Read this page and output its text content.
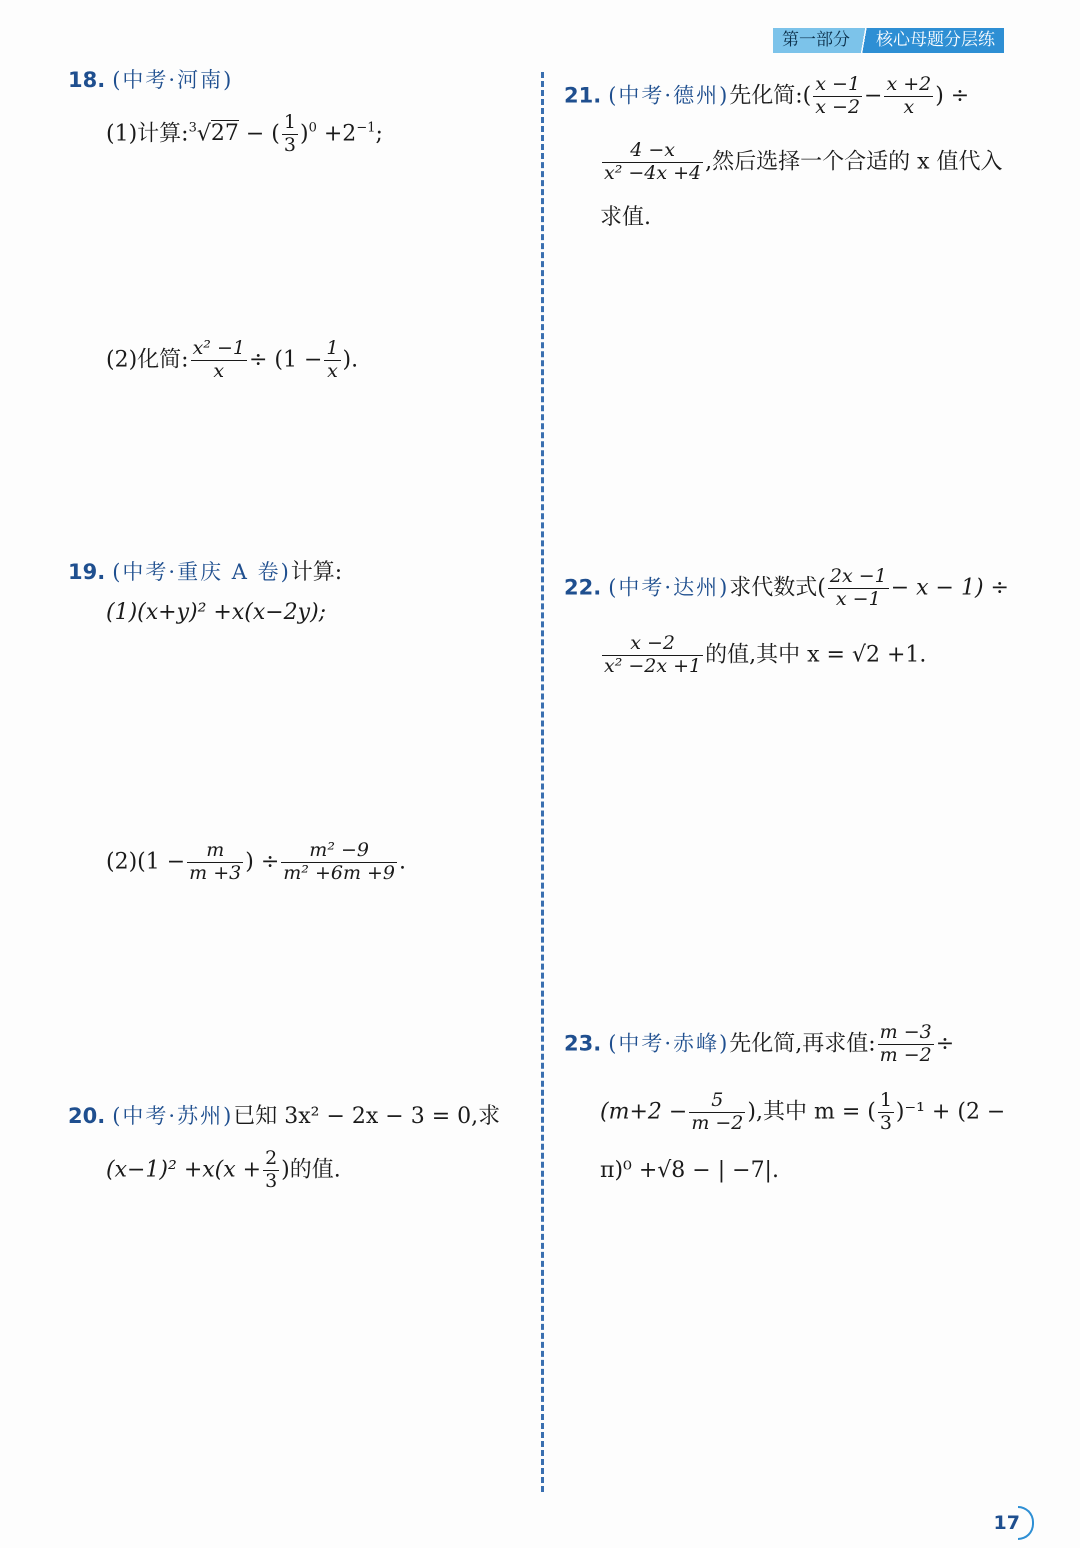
第一部分	核心母题分层练
18. (中考·河南)
(1)计算:$^3$√27 − ( $\frac{1}{3} )^0 +2^{-1}$;
(2)化简: $\frac{\text{x² −1}}{x} \div (1 - \frac{1}{x}$ ).
19. (中考·重庆 A 卷)计算:
(1)(x+y)² +x(x−2y);
$(2)(1 - \frac{m}{m +3}$ ) ÷ $\frac{\text{m² −9}}{\text{m² +6m +9}}$ .
20. (中考·苏州)已知 3x² − 2x − 3 = 0,求
$(x-1)^2 +x(x + \frac{2}{3}$ )的值.
21. (中考·德州)先化简:( $\frac{x -1}{x -2} - \frac{x +2}{x}$ ) ÷
$\frac{4 -x}{\text{x² −4x +4}}$ ,然后选择一个合适的 x 值代入
求值.
22. (中考·达州)求代数式( $\frac{2x -1}{x -1} - x - 1$) ÷
$\frac{x -2}{\text{x² −2x +1}}$ 的值,其中 x = √2 +1.
23. (中考·赤峰)先化简,再求值: $\frac{m -3}{m -2}$ ÷
($m+2 - \frac{5}{m -2}$ ),其中 m = ( $\frac{1}{3} )^{-1} + (2$ −
π)⁰ +√8 − | −7|.
17
